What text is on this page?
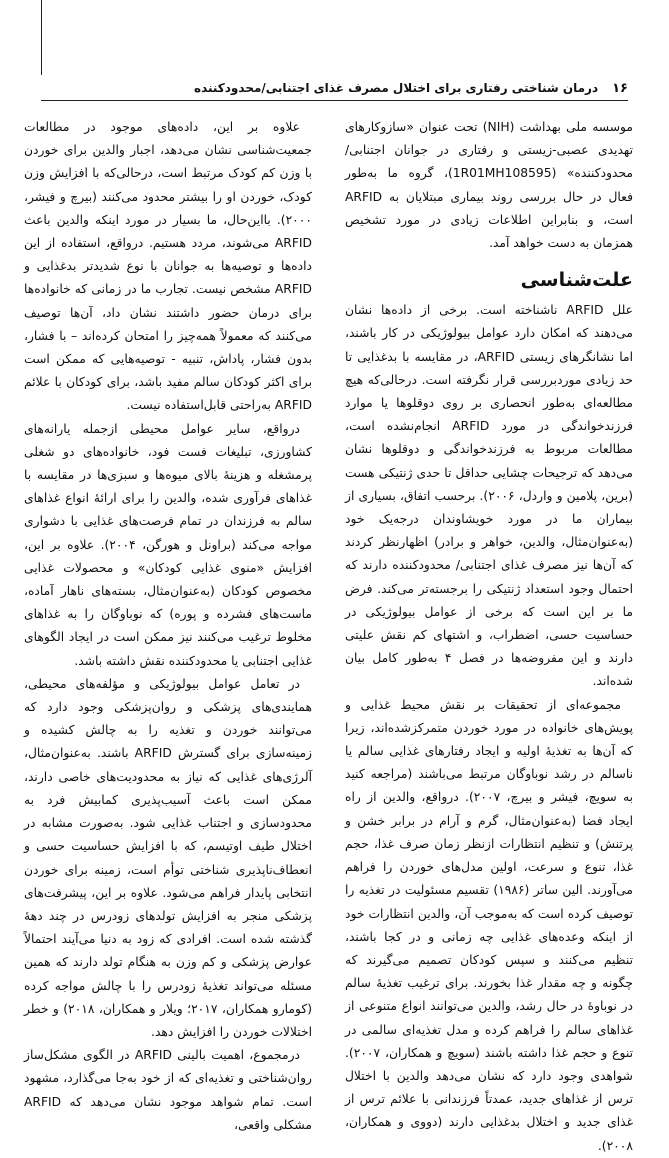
۱۶
درمان شناختی رفتاری برای اختلال مصرف غذای اجتنابی/محدودکننده

موسسه ملی بهداشت (NIH) تحت عنوان «سازوکارهای تهدیدی عصبی-زیستی و رفتاری در جوانان اجتنابی/ محدودکننده» (1R01MH108595)، گروه ما به‌طور فعال در حال بررسی روند بیماری مبتلایان به ARFID است، و بنابراین اطلاعات زیادی در مورد تشخیص همزمان به دست خواهد آمد.

علت‌شناسی

علل ARFID ناشناخته است. برخی از داده‌ها نشان می‌دهند که امکان دارد عوامل بیولوژیکی در کار باشند، اما نشانگرهای زیستی ARFID، در مقایسه با بدغذایی تا حد زیادی موردبررسی قرار نگرفته است. درحالی‌که هیچ مطالعه‌ای به‌طور انحصاری بر روی دوقلوها یا موارد فرزندخواندگی در مورد ARFID انجام‌نشده است، مطالعات مربوط به فرزندخواندگی و دوقلوها نشان می‌دهد که ترجیحات چشایی حداقل تا حدی ژنتیکی هست (برین، پلامین و واردل، ۲۰۰۶). برحسب اتفاق، بسیاری از بیماران ما در مورد خویشاوندان درجه‌یک خود (به‌عنوان‌مثال، والدین، خواهر و برادر) اظهارنظر کردند که آن‌ها نیز مصرف غذای اجتنابی/ محدودکننده دارند که احتمال وجود استعداد ژنتیکی را برجسته‌تر می‌کند. فرض ما بر این است که برخی از عوامل بیولوژیکی در حساسیت حسی، اضطراب، و اشتهای کم نقش علیتی دارند و این مفروضه‌ها در فصل ۴ به‌طور کامل بیان شده‌اند.

مجموعه‌ای از تحقیقات بر نقش محیط غذایی و پویش‌های خانواده در مورد خوردن متمرکزشده‌اند، زیرا که آن‌ها به تغذیهٔ اولیه و ایجاد رفتارهای غذایی سالم یا ناسالم در رشد نوباوگان مرتبط می‌باشند (مراجعه کنید به سویچ، فیشر و بیرچ، ۲۰۰۷). درواقع، والدین از راه ایجاد فضا (به‌عنوان‌مثال، گرم و آرام در برابر خشن و پرتنش) و تنظیم انتظارات ازنظر زمان صرف غذا، حجم غذا، تنوع و سرعت، اولین مدل‌های خوردن را فراهم می‌آورند. الین ساتر (۱۹۸۶) تقسیم مسئولیت در تغذیه را توصیف کرده است که به‌موجب آن، والدین انتظارات خود از اینکه وعده‌های غذایی چه زمانی و در کجا باشند، تنظیم می‌کنند و سپس کودکان تصمیم می‌گیرند که چگونه و چه مقدار غذا بخورند. برای ترغیب تغذیهٔ سالم در نوباوهٔ در حال رشد، والدین می‌توانند انواع متنوعی از غذاهای سالم را فراهم کرده و مدل تغذیه‌ای سالمی در تنوع و حجم غذا داشته باشند (سویچ و همکاران، ۲۰۰۷). شواهدی وجود دارد که نشان می‌دهد والدین با اختلال ترس از غذاهای جدید، عمدتاً فرزندانی با علائم ترس از غذای جدید و اختلال بدغذایی دارند (دووی و همکاران، ۲۰۰۸).

علاوه بر این، داده‌های موجود در مطالعات جمعیت‌شناسی نشان می‌دهد، اجبار والدین برای خوردن با وزن کم کودک مرتبط است، درحالی‌که با افزایش وزن کودک، خوردن او را بیشتر محدود می‌کنند (بیرچ و فیشر، ۲۰۰۰). بااین‌حال، ما بسیار در مورد اینکه والدین باعث ARFID می‌شوند، مردد هستیم. درواقع، استفاده از این داده‌ها و توصیه‌ها به جوانان با نوع شدیدتر بدغذایی و ARFID مشخص نیست. تجارب ما در زمانی که خانواده‌ها برای درمان حضور داشتند نشان داد، آن‌ها توصیف می‌کنند که معمولاً همه‌چیز را امتحان کرده‌اند – با فشار، بدون فشار، پاداش، تنبیه - توصیه‌هایی که ممکن است برای اکثر کودکان سالم مفید باشد، برای کودکان با علائم ARFID به‌راحتی قابل‌استفاده نیست.

درواقع، سایر عوامل محیطی ازجمله یارانه‌های کشاورزی، تبلیغات فست فود، خانواده‌های دو شغلی پرمشغله و هزینهٔ بالای میوه‌ها و سبزی‌ها در مقایسه با غذاهای فرآوری شده، والدین را برای ارائهٔ انواع غذاهای سالم به فرزندان در تمام فرصت‌های غذایی با دشواری مواجه می‌کند (براونل و هورگن، ۲۰۰۴). علاوه بر این، افزایش «منوی غذایی کودکان» و محصولات غذایی مخصوص کودکان (به‌عنوان‌مثال، بسته‌های ناهار آماده، ماست‌های فشرده و پوره) که نوباوگان را به غذاهای مخلوط ترغیب می‌کنند نیز ممکن است در ایجاد الگوهای غذایی اجتنابی یا محدودکننده نقش داشته باشد.

در تعامل عوامل بیولوژیکی و مؤلفه‌های محیطی، همایندی‌های پزشکی و روان‌پزشکی وجود دارد که می‌توانند خوردن و تغذیه را به چالش کشیده و زمینه‌سازی برای گسترش ARFID باشند. به‌عنوان‌مثال، آلرژی‌های غذایی که نیاز به محدودیت‌های خاصی دارند، ممکن است باعث آسیب‌پذیری کمابیش فرد به محدودسازی و اجتناب غذایی شود. به‌صورت مشابه در اختلال طیف اوتیسم، که با افزایش حساسیت حسی و انعطاف‌ناپذیری شناختی توأم است، زمینه برای خوردن انتخابی پایدار فراهم می‌شود. علاوه بر این، پیشرفت‌های پزشکی منجر به افزایش تولدهای زودرس در چند دههٔ گذشته شده است. افرادی که زود به دنیا می‌آیند احتمالاً عوارض پزشکی و کم وزن به هنگام تولد دارند که همین مسئله می‌تواند تغذیهٔ زودرس را با چالش مواجه کرده (کومارو همکاران، ۲۰۱۷؛ ویلار و همکاران، ۲۰۱۸) و خطر اختلالات خوردن را افزایش دهد.

درمجموع، اهمیت بالینی ARFID در الگوی مشکل‌ساز روان‌شناختی و تغذیه‌ای که از خود به‌جا می‌گذارد، مشهود است. تمام شواهد موجود نشان می‌دهد که ARFID مشکلی واقعی،
